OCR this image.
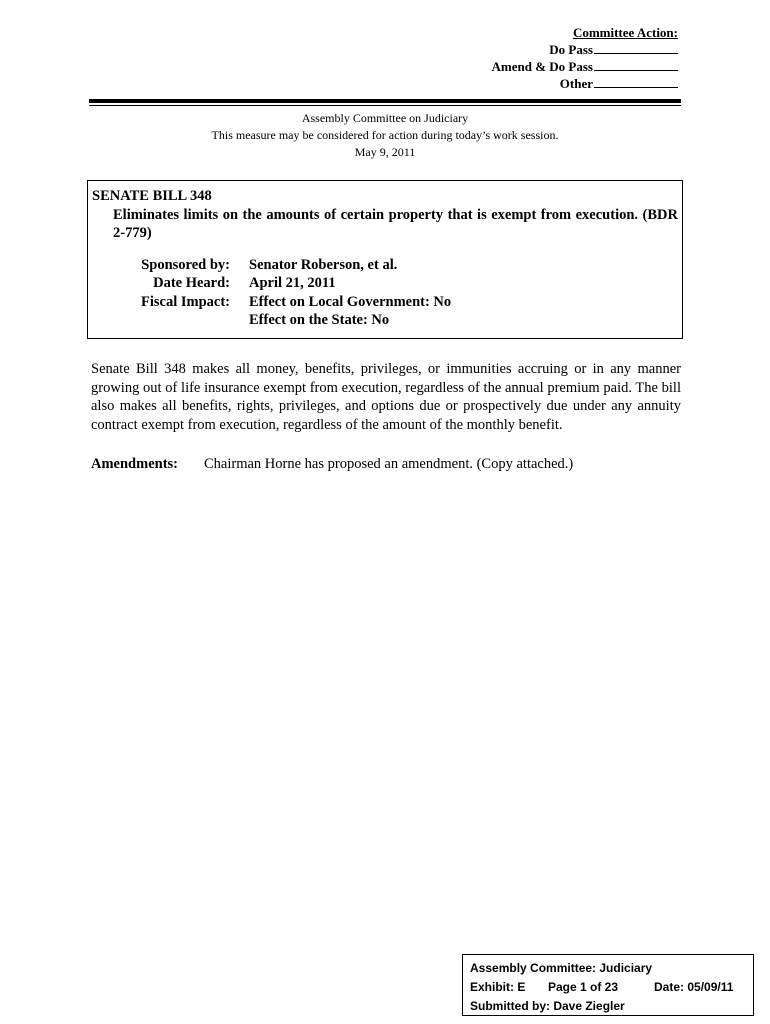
Committee Action:
Do Pass
Amend & Do Pass
Other
Assembly Committee on Judiciary
This measure may be considered for action during today’s work session.
May 9, 2011
SENATE BILL 348
Eliminates limits on the amounts of certain property that is exempt from execution. (BDR 2-779)
Sponsored by:	Senator Roberson, et al.
Date Heard:	April 21, 2011
Fiscal Impact:	Effect on Local Government: No
	Effect on the State: No
Senate Bill 348 makes all money, benefits, privileges, or immunities accruing or in any manner growing out of life insurance exempt from execution, regardless of the annual premium paid. The bill also makes all benefits, rights, privileges, and options due or prospectively due under any annuity contract exempt from execution, regardless of the amount of the monthly benefit.
Amendments: Chairman Horne has proposed an amendment. (Copy attached.)
Assembly Committee: Judiciary
Exhibit: E Page 1 of 23	Date: 05/09/11
Submitted by: Dave Ziegler
